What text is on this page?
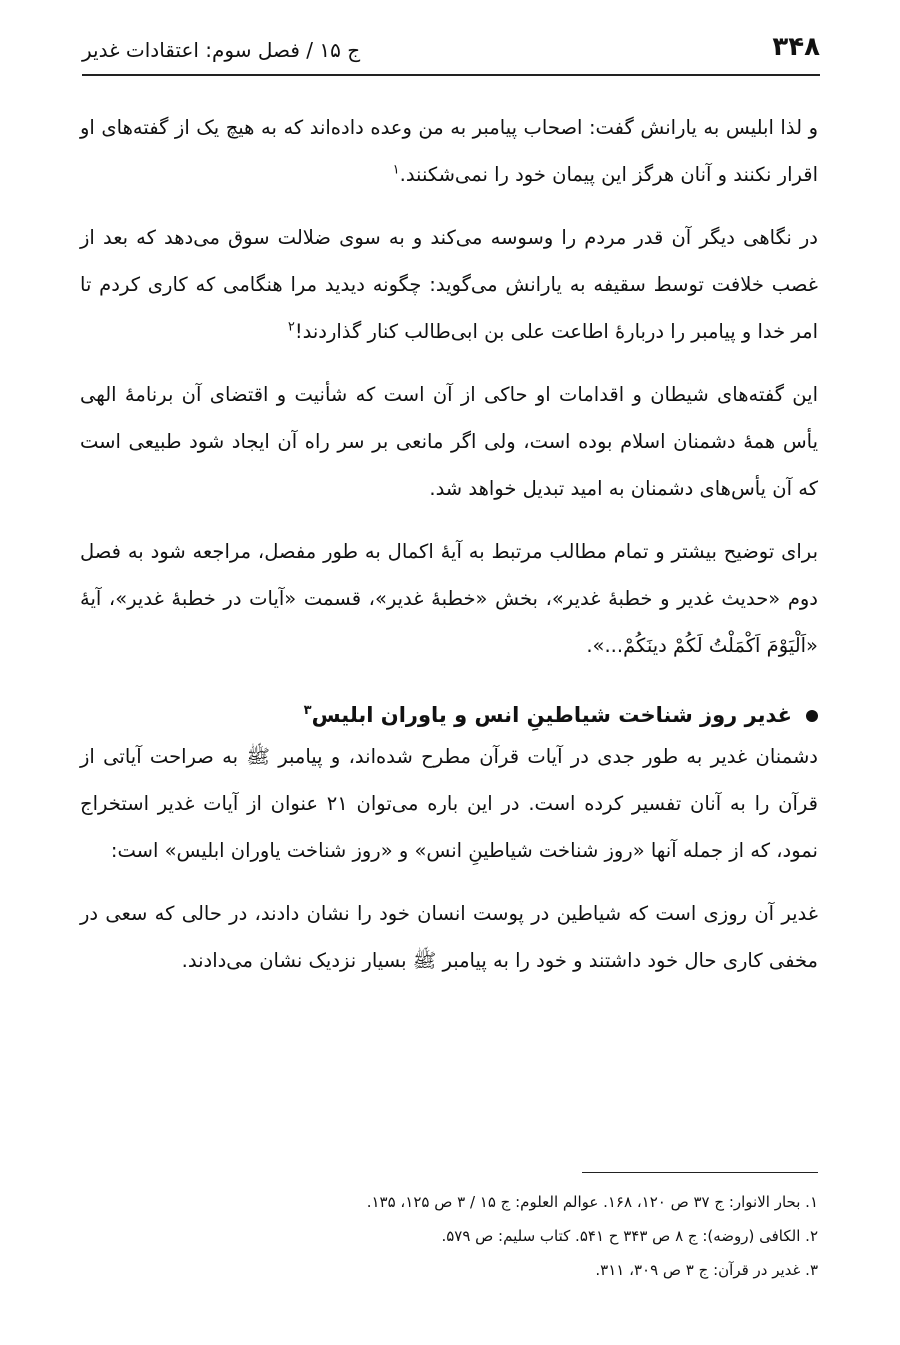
۳۴۸
ج ۱۵ / فصل سوم: اعتقادات غدیر

و لذا ابلیس به یارانش گفت: اصحاب پیامبر به من وعده داده‌اند که به هیچ یک از گفته‌های او اقرار نکنند و آنان هرگز این پیمان خود را نمی‌شکنند.$^۱$

در نگاهی دیگر آن قدر مردم را وسوسه می‌کند و به سوی ضلالت سوق می‌دهد که بعد از غصب خلافت توسط سقیفه به یارانش می‌گوید: چگونه دیدید مرا هنگامی که کاری کردم تا امر خدا و پیامبر را دربارهٔ اطاعت علی بن ابی‌طالب کنار گذاردند!$^۲$

این گفته‌های شیطان و اقدامات او حاکی از آن است که شأنیت و اقتضای آن برنامهٔ الهی یأس همهٔ دشمنان اسلام بوده است، ولی اگر مانعی بر سر راه آن ایجاد شود طبیعی است که آن یأس‌های دشمنان به امید تبدیل خواهد شد.

برای توضیح بیشتر و تمام مطالب مرتبط به آیهٔ اکمال به طور مفصل، مراجعه شود به فصل دوم «حدیث غدیر و خطبهٔ غدیر»، بخش «خطبهٔ غدیر»، قسمت «آیات در خطبهٔ غدیر»، آیهٔ «اَلْیَوْمَ اَکْمَلْتُ لَکُمْ دینَکُمْ...».

غدیر روز شناخت شیاطینِ انس و یاوران ابلیس$^۳$

دشمنان غدیر به طور جدی در آیات قرآن مطرح شده‌اند، و پیامبر ﷺ به صراحت آیاتی از قرآن را به آنان تفسیر کرده است. در این باره می‌توان ۲۱ عنوان از آیات غدیر استخراج نمود، که از جمله آنها «روز شناخت شیاطینِ انس» و «روز شناخت یاوران ابلیس» است:

غدیر آن روزی است که شیاطین در پوست انسان خود را نشان دادند، در حالی که سعی در مخفی کاری حال خود داشتند و خود را به پیامبر ﷺ بسیار نزدیک نشان می‌دادند.

۱. بحار الانوار: ج ۳۷ ص ۱۲۰، ۱۶۸. عوالم العلوم: ج ۱۵ / ۳ ص ۱۲۵، ۱۳۵.
۲. الکافی (روضه): ج ۸ ص ۳۴۳ ح ۵۴۱. کتاب سلیم: ص ۵۷۹.
۳. غدیر در قرآن: ج ۳ ص ۳۰۹، ۳۱۱.
